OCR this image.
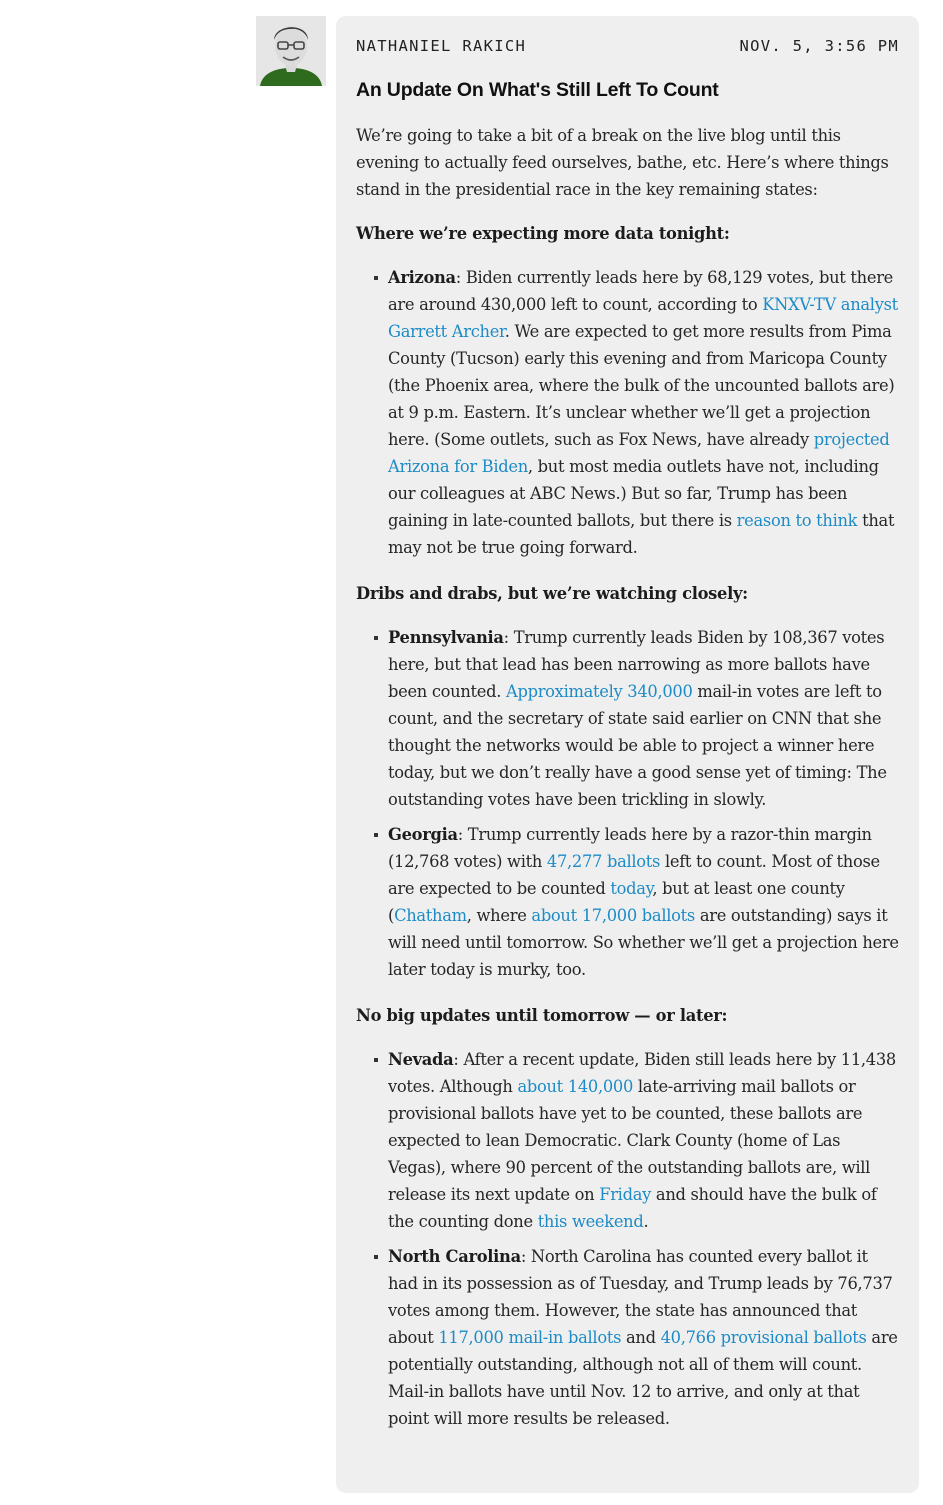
NATHANIEL RAKICH	NOV. 5, 3:56 PM
An Update On What's Still Left To Count

We’re going to take a bit of a break on the live blog until this evening to actually feed ourselves, bathe, etc. Here’s where things stand in the presidential race in the key remaining states:

Where we’re expecting more data tonight:

Arizona: Biden currently leads here by 68,129 votes, but there are around 430,000 left to count, according to KNXV-TV analyst Garrett Archer. We are expected to get more results from Pima County (Tucson) early this evening and from Maricopa County (the Phoenix area, where the bulk of the uncounted ballots are) at 9 p.m. Eastern. It’s unclear whether we’ll get a projection here. (Some outlets, such as Fox News, have already projected Arizona for Biden, but most media outlets have not, including our colleagues at ABC News.) But so far, Trump has been gaining in late-counted ballots, but there is reason to think that may not be true going forward.

Dribs and drabs, but we’re watching closely:

Pennsylvania: Trump currently leads Biden by 108,367 votes here, but that lead has been narrowing as more ballots have been counted. Approximately 340,000 mail-in votes are left to count, and the secretary of state said earlier on CNN that she thought the networks would be able to project a winner here today, but we don’t really have a good sense yet of timing: The outstanding votes have been trickling in slowly.
Georgia: Trump currently leads here by a razor-thin margin (12,768 votes) with 47,277 ballots left to count. Most of those are expected to be counted today, but at least one county (Chatham, where about 17,000 ballots are outstanding) says it will need until tomorrow. So whether we’ll get a projection here later today is murky, too.

No big updates until tomorrow — or later:

Nevada: After a recent update, Biden still leads here by 11,438 votes. Although about 140,000 late-arriving mail ballots or provisional ballots have yet to be counted, these ballots are expected to lean Democratic. Clark County (home of Las Vegas), where 90 percent of the outstanding ballots are, will release its next update on Friday and should have the bulk of the counting done this weekend.
North Carolina: North Carolina has counted every ballot it had in its possession as of Tuesday, and Trump leads by 76,737 votes among them. However, the state has announced that about 117,000 mail-in ballots and 40,766 provisional ballots are potentially outstanding, although not all of them will count. Mail-in ballots have until Nov. 12 to arrive, and only at that point will more results be released.
